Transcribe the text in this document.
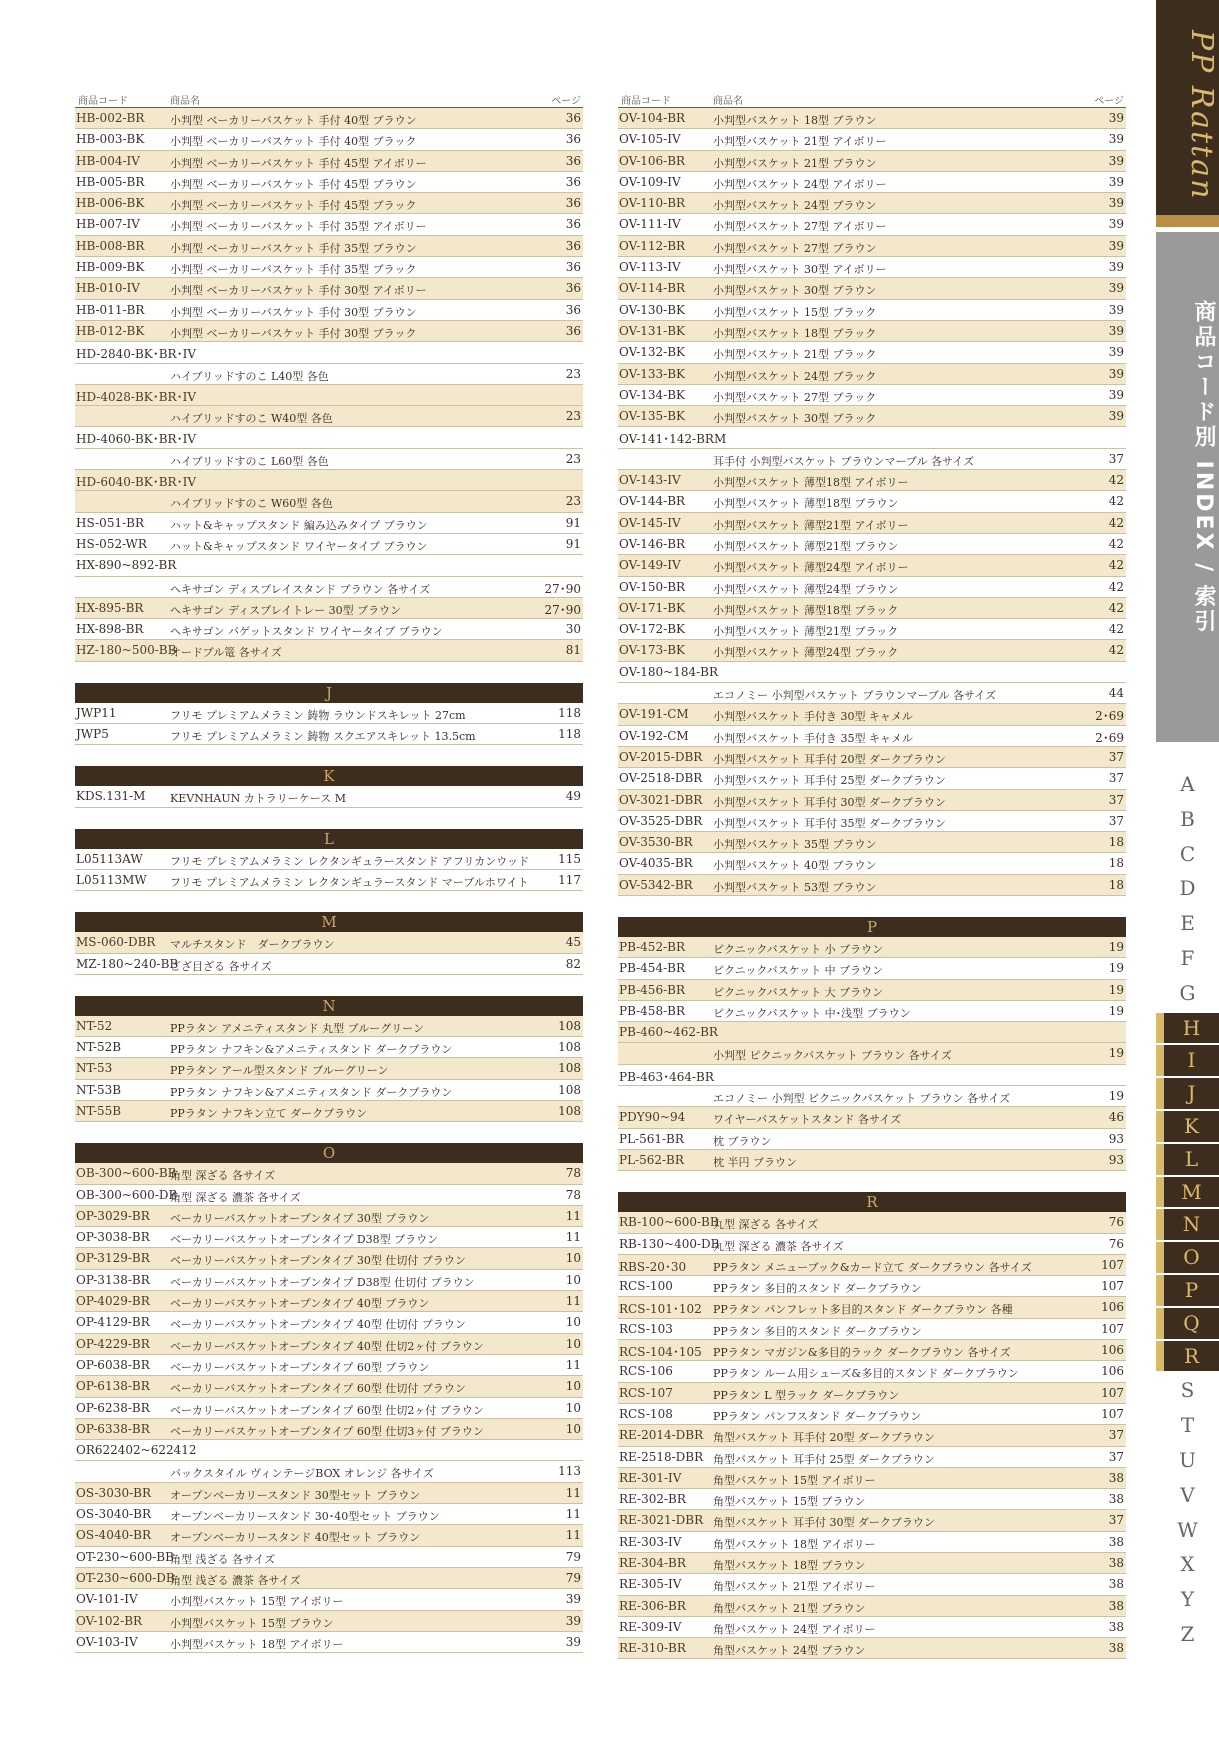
商品コード	商品名	ページ
HB-002-BR 小判型 ベーカリーバスケット 手付 40型 ブラウン	36
HB-003-BK 小判型 ベーカリーバスケット 手付 40型 ブラック	36
HB-004-IV	小判型 ベーカリーバスケット 手付 45型 アイボリー	36
HB-005-BR 小判型 ベーカリーバスケット 手付 45型 ブラウン	36
HB-006-BK 小判型 ベーカリーバスケット 手付 45型 ブラック	36
HB-007-IV	小判型 ベーカリーバスケット 手付 35型 アイボリー	36
HB-008-BR 小判型 ベーカリーバスケット 手付 35型 ブラウン	36
HB-009-BK 小判型 ベーカリーバスケット 手付 35型 ブラック	36
HB-010-IV	小判型 ベーカリーバスケット 手付 30型 アイボリー	36
HB-011-BR 小判型 ベーカリーバスケット 手付 30型 ブラウン	36
HB-012-BK 小判型 ベーカリーバスケット 手付 30型 ブラック	36
HD-2840-BK･BR･IV
ハイブリッドすのこ L40型 各色	23
HD-4028-BK･BR･IV
ハイブリッドすのこ W40型 各色	23
HD-4060-BK･BR･IV
ハイブリッドすのこ L60型 各色	23
HD-6040-BK･BR･IV
ハイブリッドすのこ W60型 各色	23
HS-051-BR ハット&キャップスタンド 編み込みタイプ ブラウン	91
HS-052-WR ハット&キャップスタンド ワイヤータイプ ブラウン	91
HX-890~892-BR
ヘキサゴン ディスプレイスタンド ブラウン 各サイズ	27･90
HX-895-BR ヘキサゴン ディスプレイトレー 30型 ブラウン	27･90
HX-898-BR ヘキサゴン バゲットスタンド ワイヤータイプ ブラウン	30
HZ-180~500-BB
オードブル篭 各サイズ	81
J
JWP11	フリモ プレミアムメラミン 鋳物 ラウンドスキレット 27cm	118
JWP5	フリモ プレミアムメラミン 鋳物 スクエアスキレット 13.5cm	118
K
KDS.131-M KEVNHAUN カトラリーケース M	49
L
L05113AW フリモ プレミアムメラミン レクタンギュラースタンド アフリカンウッド 115
L05113MW フリモ プレミアムメラミン レクタンギュラースタンド マーブルホワイト 117
M
MS-060-DBR マルチスタンド　ダークブラウン	45
MZ-180~240-BB
ござ目ざる 各サイズ	82
N
NT-52	PPラタン アメニティスタンド 丸型 ブルーグリーン	108
NT-52B	PPラタン ナフキン&アメニティスタンド ダークブラウン	108
NT-53	PPラタン アール型スタンド ブルーグリーン	108
NT-53B	PPラタン ナフキン&アメニティスタンド ダークブラウン	108
NT-55B	PPラタン ナフキン立て ダークブラウン	108
O
OB-300~600-BB
角型 深ざる 各サイズ	78
OB-300~600-DB
角型 深ざる 濃茶 各サイズ	78
OP-3029-BR ベーカリーバスケットオープンタイプ 30型 ブラウン	11
OP-3038-BR ベーカリーバスケットオープンタイプ D38型 ブラウン	11
OP-3129-BR ベーカリーバスケットオープンタイプ 30型 仕切付 ブラウン	10
OP-3138-BR ベーカリーバスケットオープンタイプ D38型 仕切付 ブラウン	10
OP-4029-BR ベーカリーバスケットオープンタイプ 40型 ブラウン	11
OP-4129-BR ベーカリーバスケットオープンタイプ 40型 仕切付 ブラウン	10
OP-4229-BR ベーカリーバスケットオープンタイプ 40型 仕切2ヶ付 ブラウン	10
OP-6038-BR ベーカリーバスケットオープンタイプ 60型 ブラウン	11
OP-6138-BR ベーカリーバスケットオープンタイプ 60型 仕切付 ブラウン	10
OP-6238-BR ベーカリーバスケットオープンタイプ 60型 仕切2ヶ付 ブラウン	10
OP-6338-BR ベーカリーバスケットオープンタイプ 60型 仕切3ヶ付 ブラウン	10
OR622402~622412
バックスタイル ヴィンテージBOX オレンジ 各サイズ	113
OS-3030-BR オープンベーカリースタンド 30型セット ブラウン	11
OS-3040-BR オープンベーカリースタンド 30･40型セット ブラウン	11
OS-4040-BR オープンベーカリースタンド 40型セット ブラウン	11
OT-230~600-BB
角型 浅ざる 各サイズ	79
OT-230~600-DB
角型 浅ざる 濃茶 各サイズ	79
OV-101-IV	小判型バスケット 15型 アイボリー	39
OV-102-BR	小判型バスケット 15型 ブラウン	39
OV-103-IV	小判型バスケット 18型 アイボリー	39
商品コード	商品名	ページ
OV-104-BR	小判型バスケット 18型 ブラウン	39
OV-105-IV	小判型バスケット 21型 アイボリー	39
OV-106-BR	小判型バスケット 21型 ブラウン	39
OV-109-IV	小判型バスケット 24型 アイボリー	39
OV-110-BR	小判型バスケット 24型 ブラウン	39
OV-111-IV	小判型バスケット 27型 アイボリー	39
OV-112-BR	小判型バスケット 27型 ブラウン	39
OV-113-IV	小判型バスケット 30型 アイボリー	39
OV-114-BR	小判型バスケット 30型 ブラウン	39
OV-130-BK	小判型バスケット 15型 ブラック	39
OV-131-BK	小判型バスケット 18型 ブラック	39
OV-132-BK	小判型バスケット 21型 ブラック	39
OV-133-BK	小判型バスケット 24型 ブラック	39
OV-134-BK	小判型バスケット 27型 ブラック	39
OV-135-BK	小判型バスケット 30型 ブラック	39
OV-141･142-BRM
耳手付 小判型バスケット ブラウンマーブル 各サイズ	37
OV-143-IV	小判型バスケット 薄型18型 アイボリー	42
OV-144-BR	小判型バスケット 薄型18型 ブラウン	42
OV-145-IV	小判型バスケット 薄型21型 アイボリー	42
OV-146-BR	小判型バスケット 薄型21型 ブラウン	42
OV-149-IV	小判型バスケット 薄型24型 アイボリー	42
OV-150-BR	小判型バスケット 薄型24型 ブラウン	42
OV-171-BK	小判型バスケット 薄型18型 ブラック	42
OV-172-BK	小判型バスケット 薄型21型 ブラック	42
OV-173-BK	小判型バスケット 薄型24型 ブラック	42
OV-180~184-BR
エコノミー 小判型バスケット ブラウンマーブル 各サイズ	44
OV-191-CM 小判型バスケット 手付き 30型 キャメル	2･69
OV-192-CM 小判型バスケット 手付き 35型 キャメル	2･69
OV-2015-DBR 小判型バスケット 耳手付 20型 ダークブラウン	37
OV-2518-DBR 小判型バスケット 耳手付 25型 ダークブラウン	37
OV-3021-DBR 小判型バスケット 耳手付 30型 ダークブラウン	37
OV-3525-DBR 小判型バスケット 耳手付 35型 ダークブラウン	37
OV-3530-BR 小判型バスケット 35型 ブラウン	18
OV-4035-BR 小判型バスケット 40型 ブラウン	18
OV-5342-BR 小判型バスケット 53型 ブラウン	18
P
PB-452-BR	ピクニックバスケット 小 ブラウン	19
PB-454-BR	ピクニックバスケット 中 ブラウン	19
PB-456-BR	ピクニックバスケット 大 ブラウン	19
PB-458-BR	ピクニックバスケット 中･浅型 ブラウン	19
PB-460~462-BR
小判型 ピクニックバスケット ブラウン 各サイズ	19
PB-463･464-BR
エコノミー 小判型 ピクニックバスケット ブラウン 各サイズ	19
PDY90~94	ワイヤーバスケットスタンド 各サイズ	46
PL-561-BR	枕 ブラウン	93
PL-562-BR	枕 半円 ブラウン	93
R
RB-100~600-BB
丸型 深ざる 各サイズ	76
RB-130~400-DB
丸型 深ざる 濃茶 各サイズ	76
RBS-20･30 PPラタン メニューブック&カード立て ダークブラウン 各サイズ	107
RCS-100	PPラタン 多目的スタンド ダークブラウン	107
RCS-101･102 PPラタン パンフレット多目的スタンド ダークブラウン 各種	106
RCS-103	PPラタン 多目的スタンド ダークブラウン	107
RCS-104･105 PPラタン マガジン&多目的ラック ダークブラウン 各サイズ	106
RCS-106	PPラタン ルーム用シューズ&多目的スタンド ダークブラウン	106
RCS-107	PPラタン L 型ラック ダークブラウン	107
RCS-108	PPラタン パンフスタンド ダークブラウン	107
RE-2014-DBR 角型バスケット 耳手付 20型 ダークブラウン	37
RE-2518-DBR 角型バスケット 耳手付 25型 ダークブラウン	37
RE-301-IV	角型バスケット 15型 アイボリー	38
RE-302-BR 角型バスケット 15型 ブラウン	38
RE-3021-DBR 角型バスケット 耳手付 30型 ダークブラウン	37
RE-303-IV	角型バスケット 18型 アイボリー	38
RE-304-BR 角型バスケット 18型 ブラウン	38
RE-305-IV	角型バスケット 21型 アイボリー	38
RE-306-BR 角型バスケット 21型 ブラウン	38
RE-309-IV	角型バスケット 24型 アイボリー	38
RE-310-BR 角型バスケット 24型 ブラウン	38
PP Rattan
商品コード別 INDEX / 索引
A
B
C
D
E
F
G
H
I
J
K
L
M
N
O
P
Q
R
S
T
U
V
W
X
Y
Z
